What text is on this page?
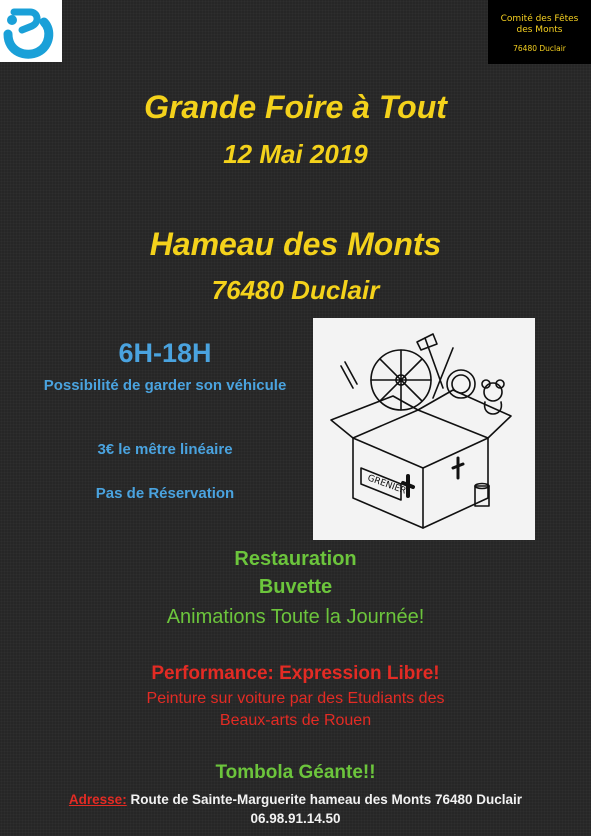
Comité des Fêtes
des Monts
76480 Duclair
Grande Foire à Tout
12 Mai 2019
Hameau des Monts
76480 Duclair
6H-18H
Possibilité de garder son véhicule
3€ le mêtre linéaire
Pas de Réservation	GRENIER
Restauration
Buvette
Animations Toute la Journée!
Performance: Expression Libre!
Peinture sur voiture par des Etudiants des
Beaux-arts de Rouen
Tombola Géante!!
Adresse: Route de Sainte-Marguerite hameau des Monts 76480 Duclair
06.98.91.14.50
